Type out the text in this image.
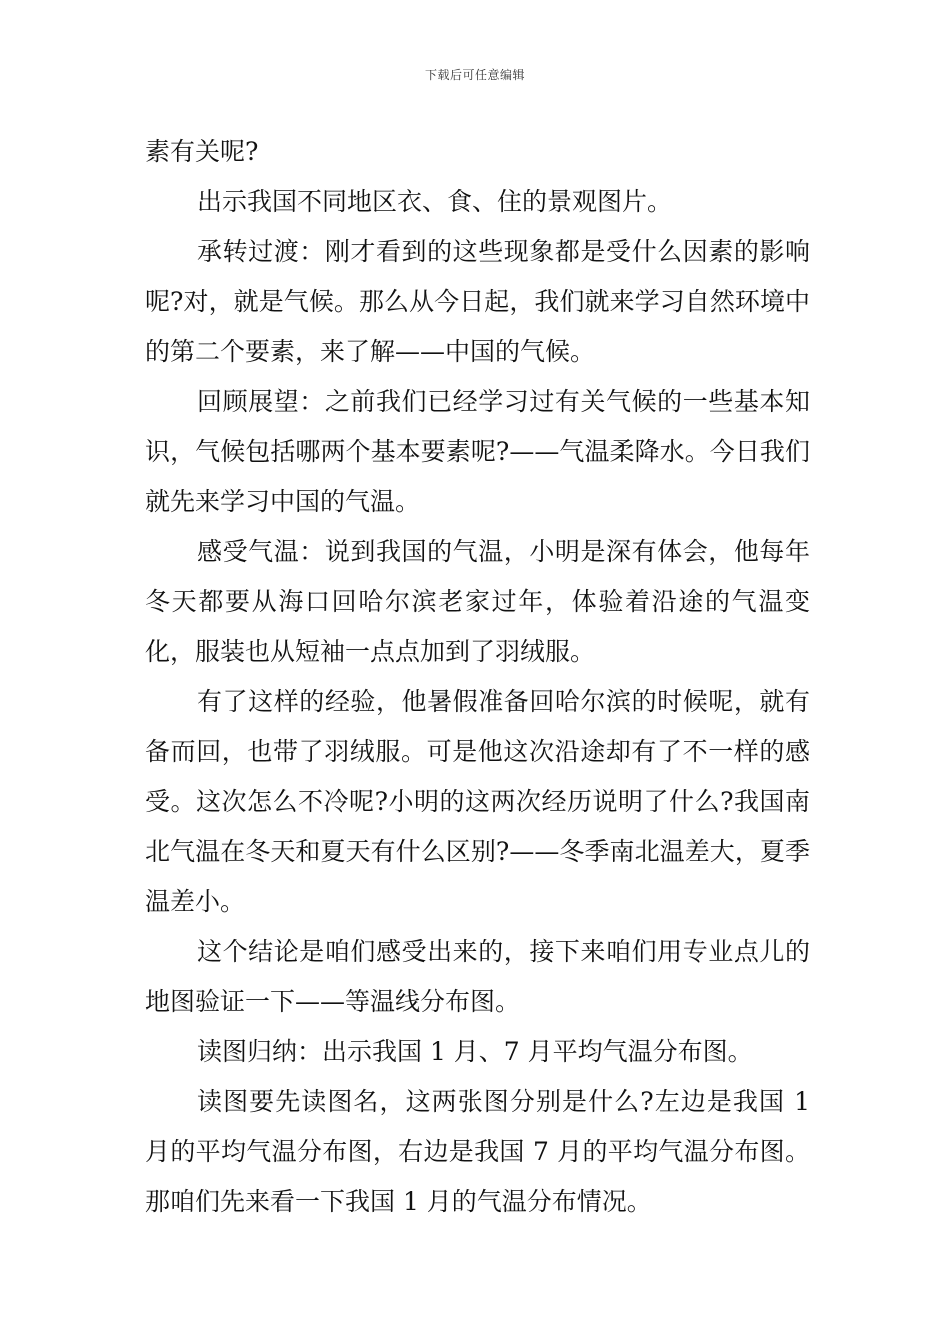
下载后可任意编辑

素有关呢?

出示我国不同地区衣、食、住的景观图片。

承转过渡：刚才看到的这些现象都是受什么因素的影响呢?对，就是气候。那么从今日起，我们就来学习自然环境中的第二个要素，来了解——中国的气候。

回顾展望：之前我们已经学习过有关气候的一些基本知识，气候包括哪两个基本要素呢?——气温柔降水。今日我们就先来学习中国的气温。

感受气温：说到我国的气温，小明是深有体会，他每年冬天都要从海口回哈尔滨老家过年，体验着沿途的气温变化，服装也从短袖一点点加到了羽绒服。

有了这样的经验，他暑假准备回哈尔滨的时候呢，就有备而回，也带了羽绒服。可是他这次沿途却有了不一样的感受。这次怎么不冷呢?小明的这两次经历说明了什么?我国南北气温在冬天和夏天有什么区别?——冬季南北温差大，夏季温差小。

这个结论是咱们感受出来的，接下来咱们用专业点儿的地图验证一下——等温线分布图。

读图归纳：出示我国 1 月、7 月平均气温分布图。

读图要先读图名，这两张图分别是什么?左边是我国 1 月的平均气温分布图，右边是我国 7 月的平均气温分布图。那咱们先来看一下我国 1 月的气温分布情况。
